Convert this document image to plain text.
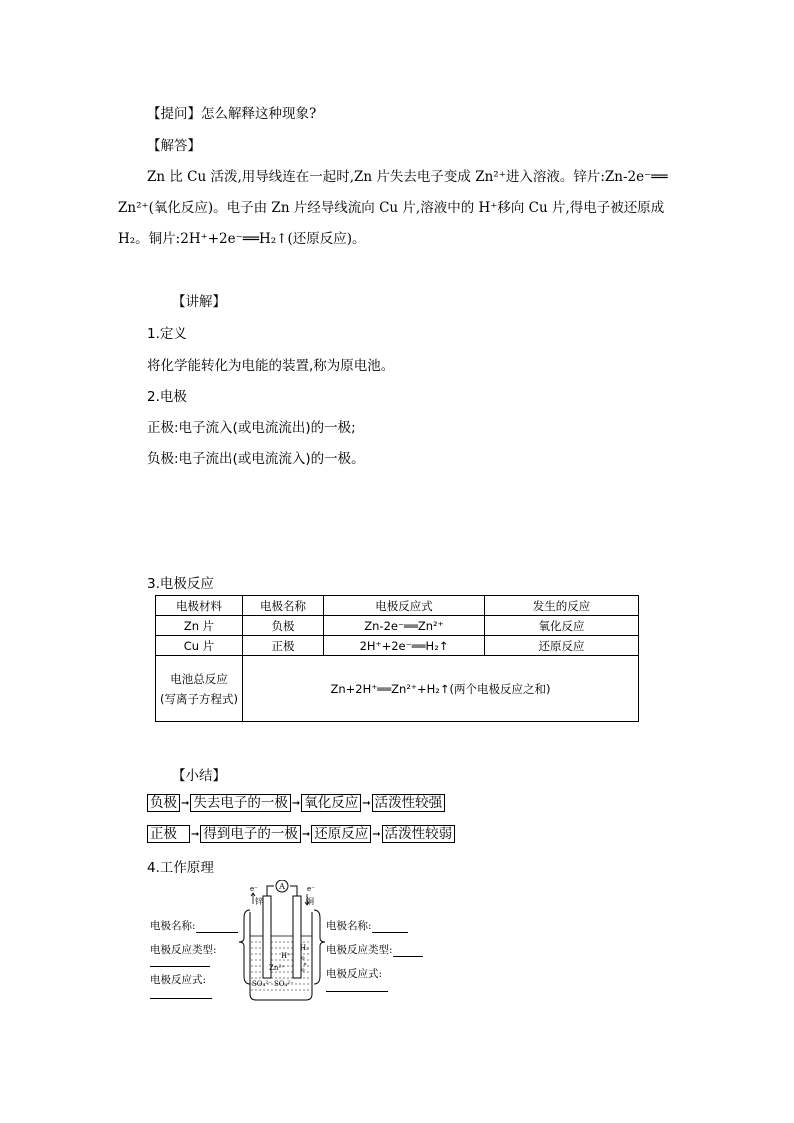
【提问】怎么解释这种现象?
【解答】
Zn 比 Cu 活泼,用导线连在一起时,Zn 片失去电子变成 Zn²⁺进入溶液。锌片:Zn-2e⁻══
Zn²⁺(氧化反应)。电子由 Zn 片经导线流向 Cu 片,溶液中的 H⁺移向 Cu 片,得电子被还原成
H₂。铜片:2H⁺+2e⁻══H₂↑(还原反应)。
【讲解】
1.定义
将化学能转化为电能的装置,称为原电池。
2.电极
正极:电子流入(或电流流出)的一极;
负极:电子流出(或电流流入)的一极。
3.电极反应
电极材料	电极名称	电极反应式	发生的反应
Zn 片	负极	Zn-2e⁻══Zn²⁺	氧化反应
Cu 片	正极	2H⁺+2e⁻══H₂↑	还原反应

电池总反应
(写离子方程式)	Zn+2H⁺══Zn²⁺+H₂↑(两个电极反应之和)		
【小结】
负极 ➞ 失去电子的一极 ➞ 氧化反应 ➞ 活泼性较强
正极 ➞ 得到电子的一极 ➞ 还原反应 ➞ 活泼性较弱
4.工作原理
电极名称:
电极反应类型:
电极反应式:
电极名称:
电极反应类型:
电极反应式:
A
e⁻
锌
e⁻
铜
Zn²⁺
H⁺
H₂
SO₄²⁻ SO₄²⁻
